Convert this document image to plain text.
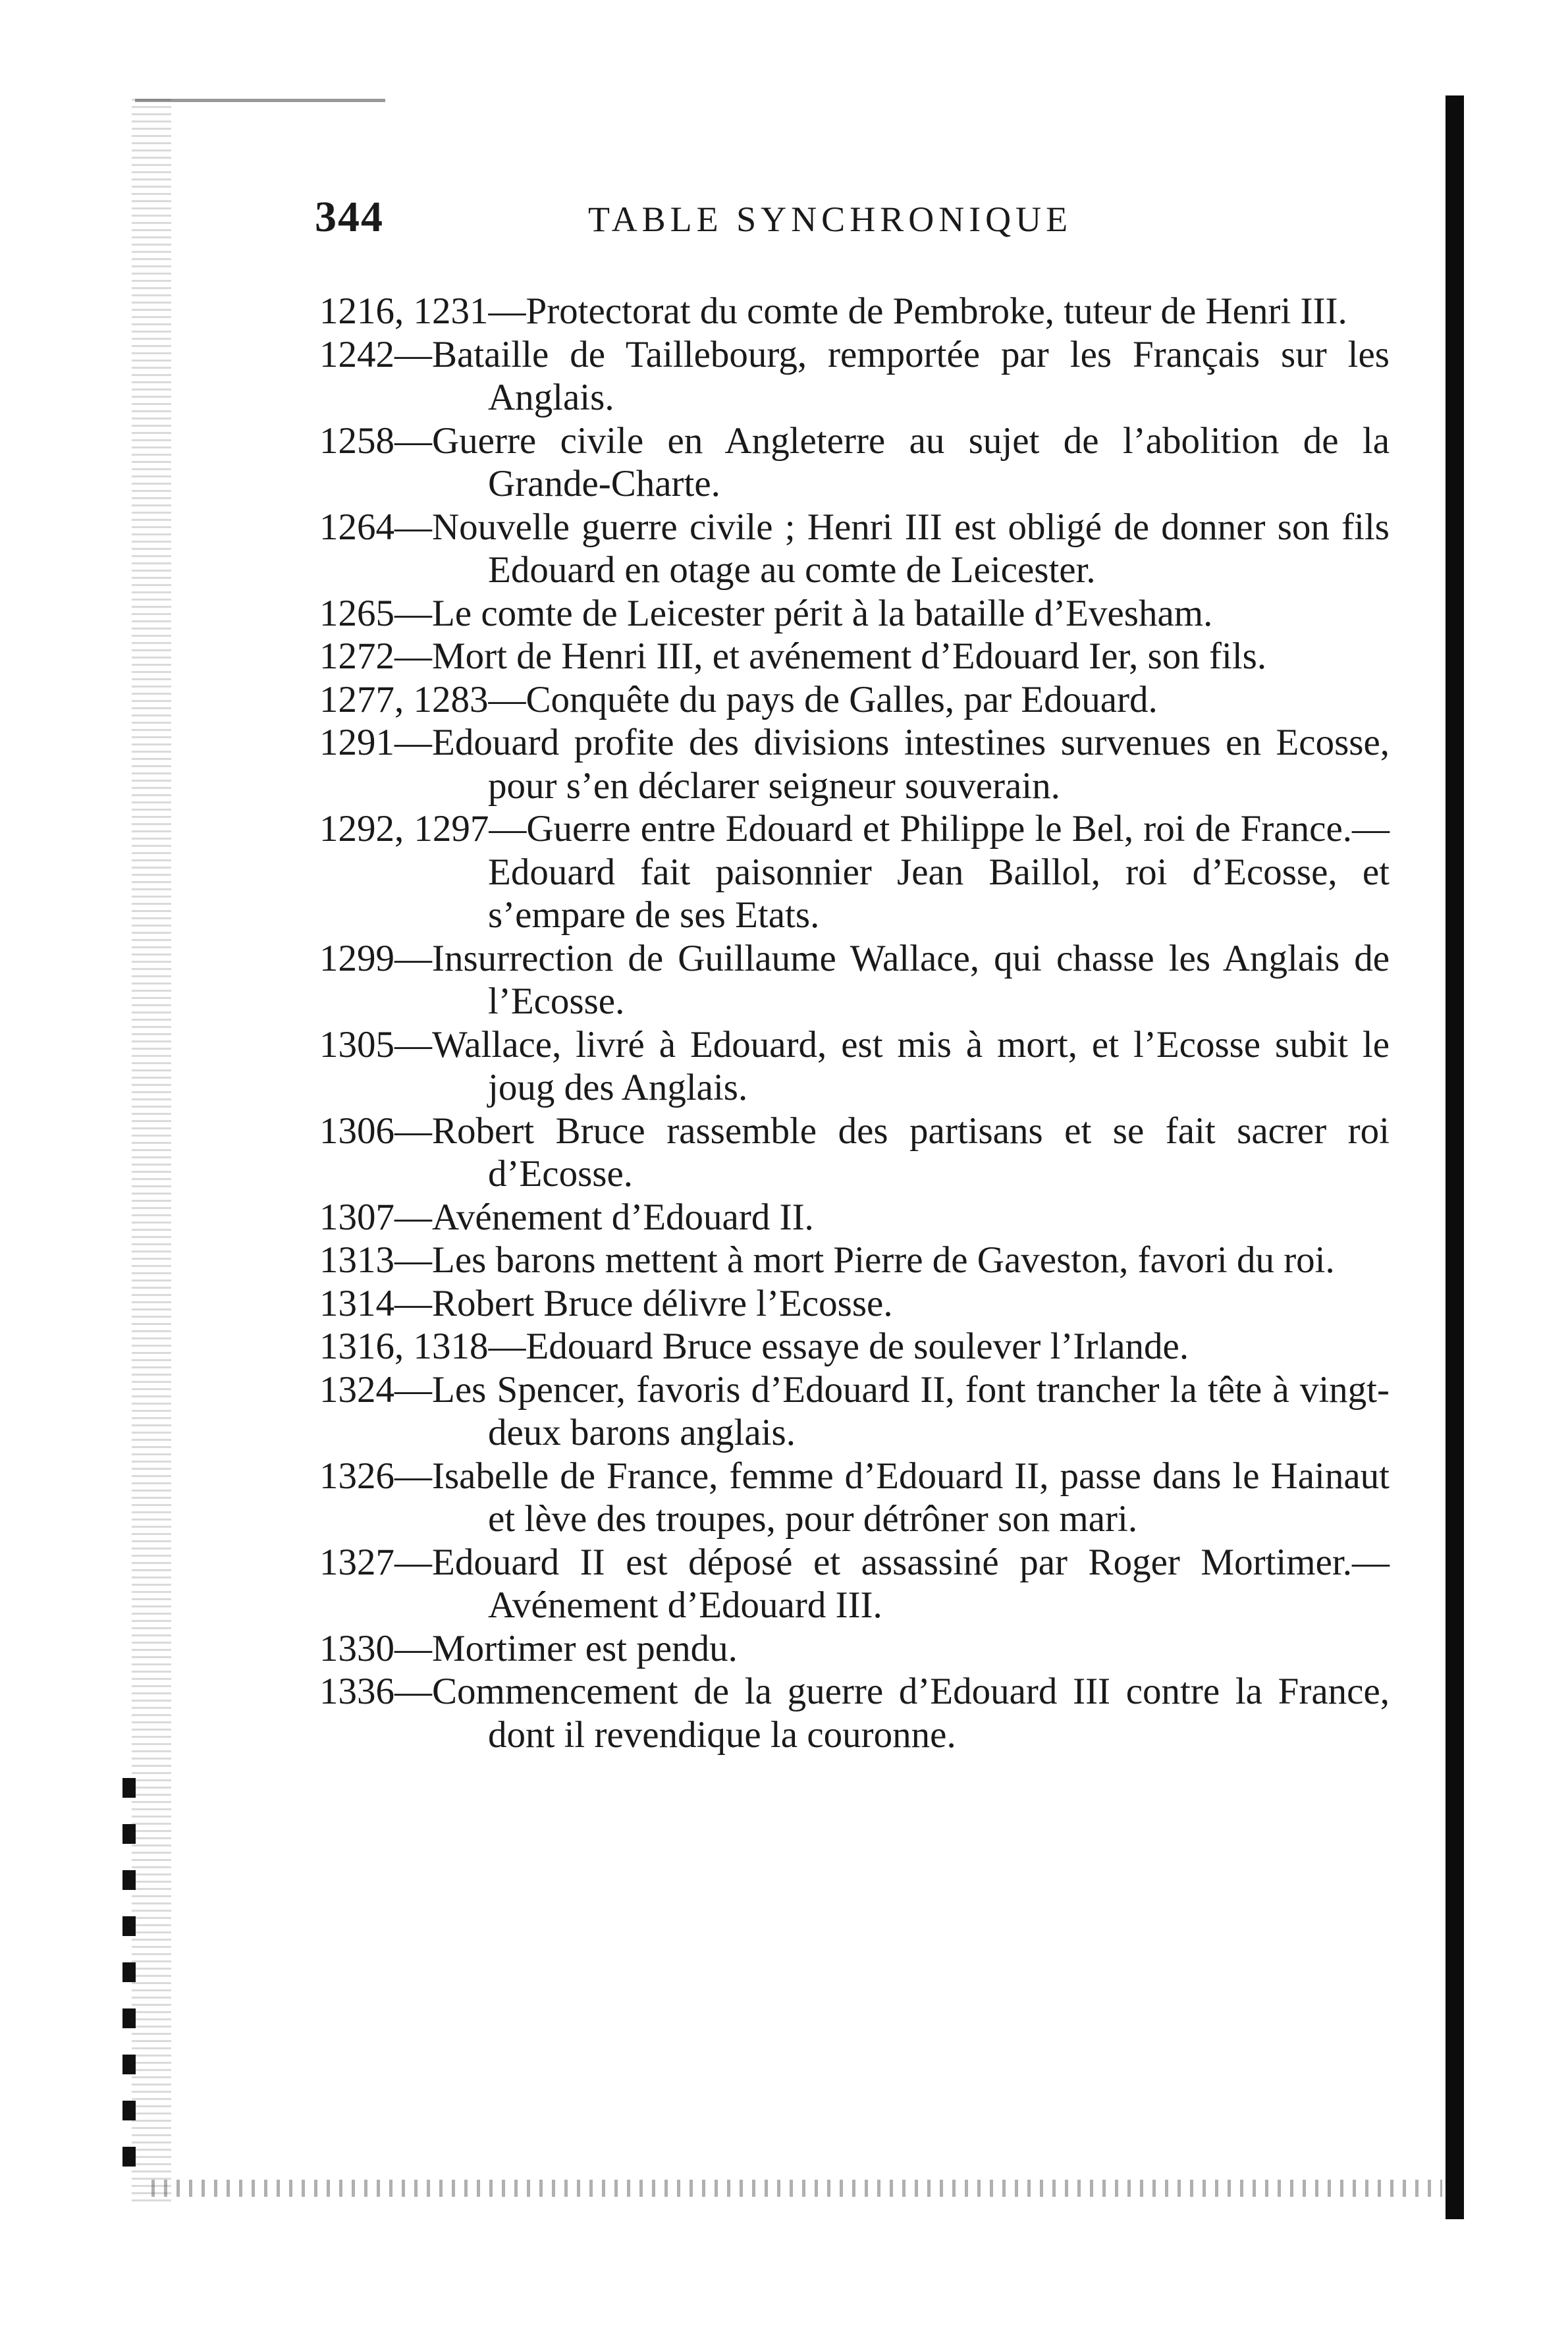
344	TABLE SYNCHRONIQUE

1216, 1231—Protectorat du comte de Pembroke, tuteur de Henri III.

1242—Bataille de Taillebourg, remportée par les Français sur les Anglais.

1258—Guerre civile en Angleterre au sujet de l’abolition de la Grande-Charte.

1264—Nouvelle guerre civile ; Henri III est obligé de donner son fils Edouard en otage au comte de Leicester.

1265—Le comte de Leicester périt à la bataille d’Evesham.

1272—Mort de Henri III, et avénement d’Edouard Ier, son fils.

1277, 1283—Conquête du pays de Galles, par Edouard.

1291—Edouard profite des divisions intestines survenues en Ecosse, pour s’en déclarer seigneur souverain.

1292, 1297—Guerre entre Edouard et Philippe le Bel, roi de France.—Edouard fait paisonnier Jean Baillol, roi d’Ecosse, et s’empare de ses Etats.

1299—Insurrection de Guillaume Wallace, qui chasse les Anglais de l’Ecosse.

1305—Wallace, livré à Edouard, est mis à mort, et l’Ecosse subit le joug des Anglais.

1306—Robert Bruce rassemble des partisans et se fait sacrer roi d’Ecosse.

1307—Avénement d’Edouard II.

1313—Les barons mettent à mort Pierre de Gaveston, favori du roi.

1314—Robert Bruce délivre l’Ecosse.

1316, 1318—Edouard Bruce essaye de soulever l’Irlande.

1324—Les Spencer, favoris d’Edouard II, font trancher la tête à vingt-deux barons anglais.

1326—Isabelle de France, femme d’Edouard II, passe dans le Hainaut et lève des troupes, pour détrôner son mari.

1327—Edouard II est déposé et assassiné par Roger Mortimer.—Avénement d’Edouard III.

1330—Mortimer est pendu.

1336—Commencement de la guerre d’Edouard III contre la France, dont il revendique la couronne.
